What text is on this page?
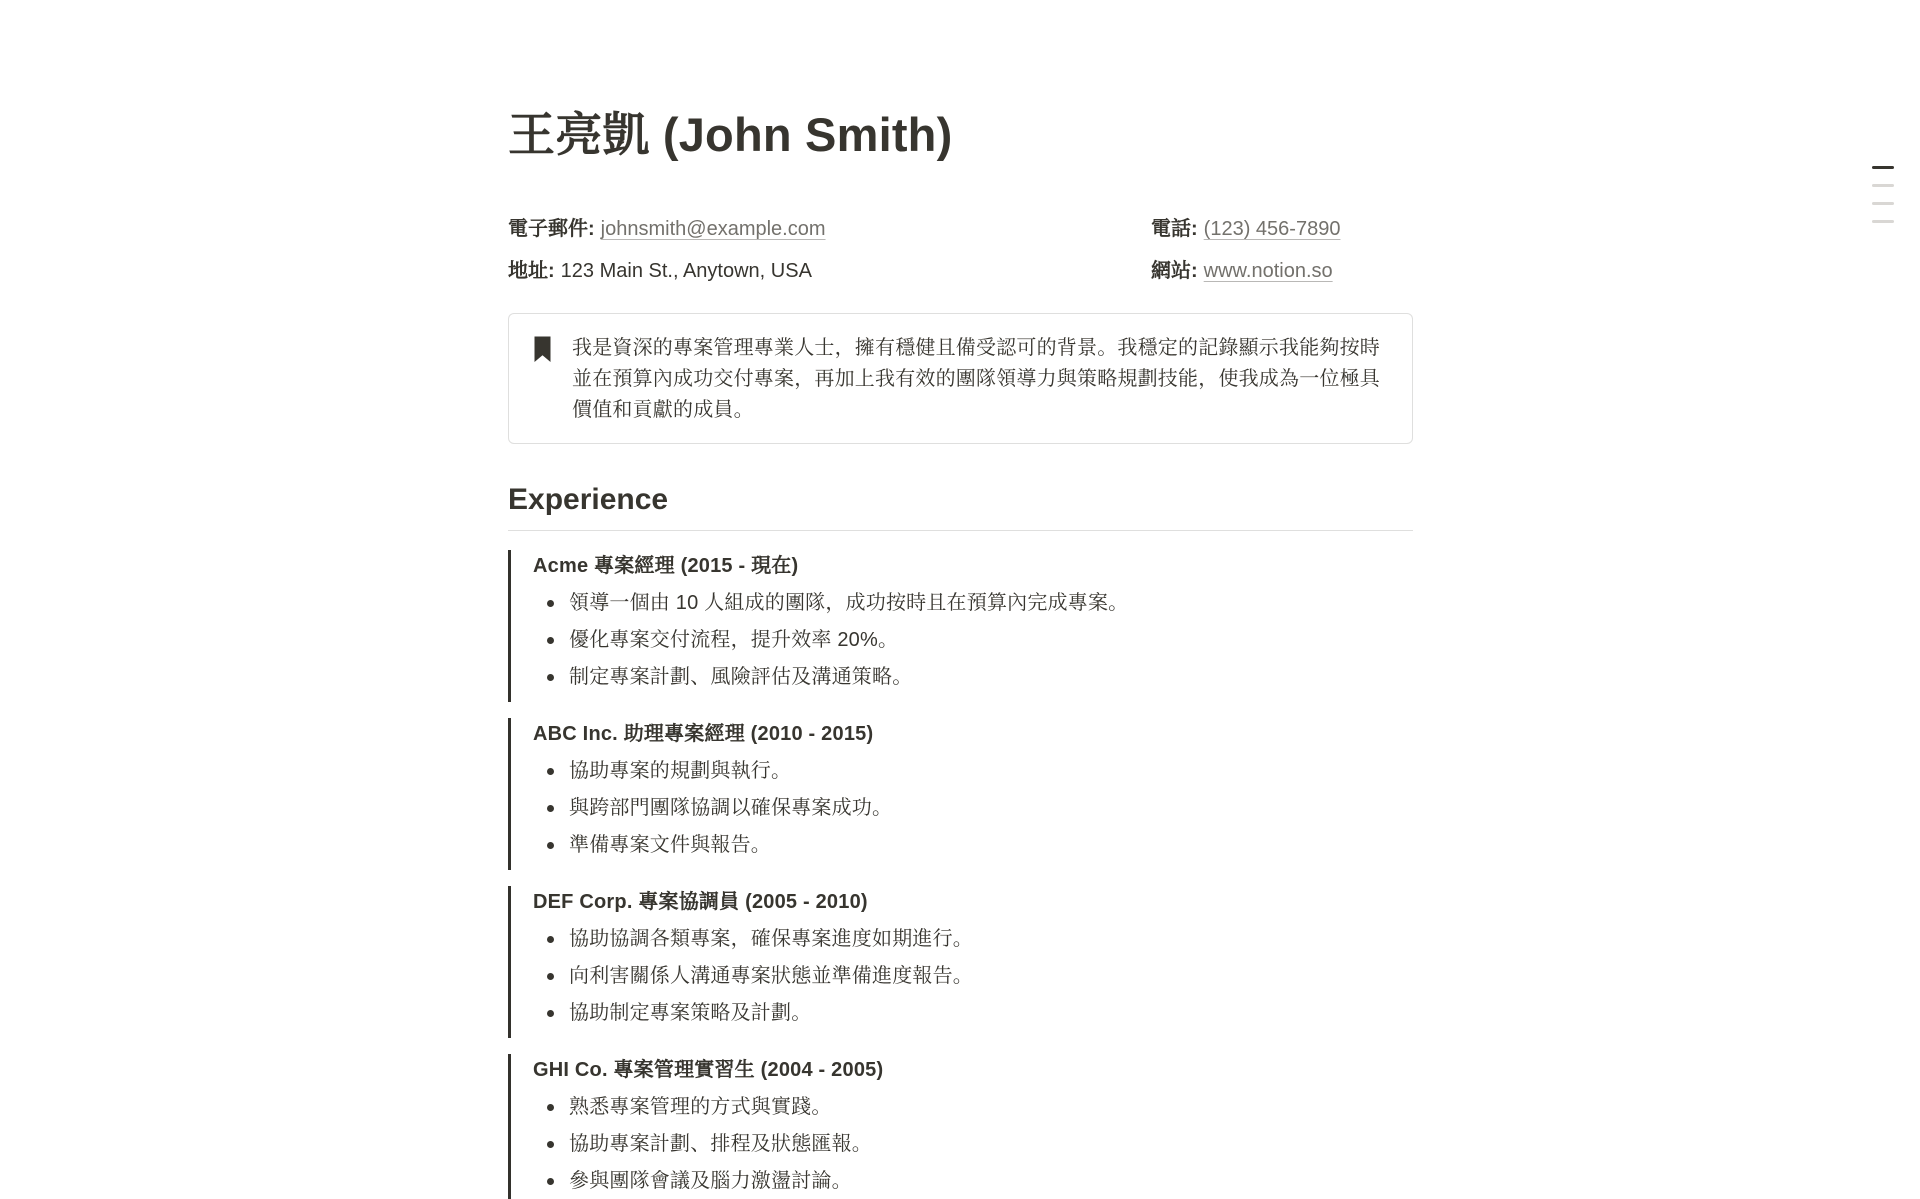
王亮凱 (John Smith)
電子郵件: johnsmith@example.com	電話: (123) 456-7890
地址: 123 Main St., Anytown, USA	網站: www.notion.so

我是資深的專案管理專業人士，擁有穩健且備受認可的背景。我穩定的記錄顯示我能夠按時並在預算內成功交付專案，再加上我有效的團隊領導力與策略規劃技能，使我成為一位極具價值和貢獻的成員。

Experience
Acme 專案經理 (2015 - 現在)
領導一個由 10 人組成的團隊，成功按時且在預算內完成專案。
優化專案交付流程，提升效率 20%。
制定專案計劃、風險評估及溝通策略。
ABC Inc. 助理專案經理 (2010 - 2015)
協助專案的規劃與執行。
與跨部門團隊協調以確保專案成功。
準備專案文件與報告。
DEF Corp. 專案協調員 (2005 - 2010)
協助協調各類專案，確保專案進度如期進行。
向利害關係人溝通專案狀態並準備進度報告。
協助制定專案策略及計劃。
GHI Co. 專案管理實習生 (2004 - 2005)
熟悉專案管理的方式與實踐。
協助專案計劃、排程及狀態匯報。
參與團隊會議及腦力激盪討論。
